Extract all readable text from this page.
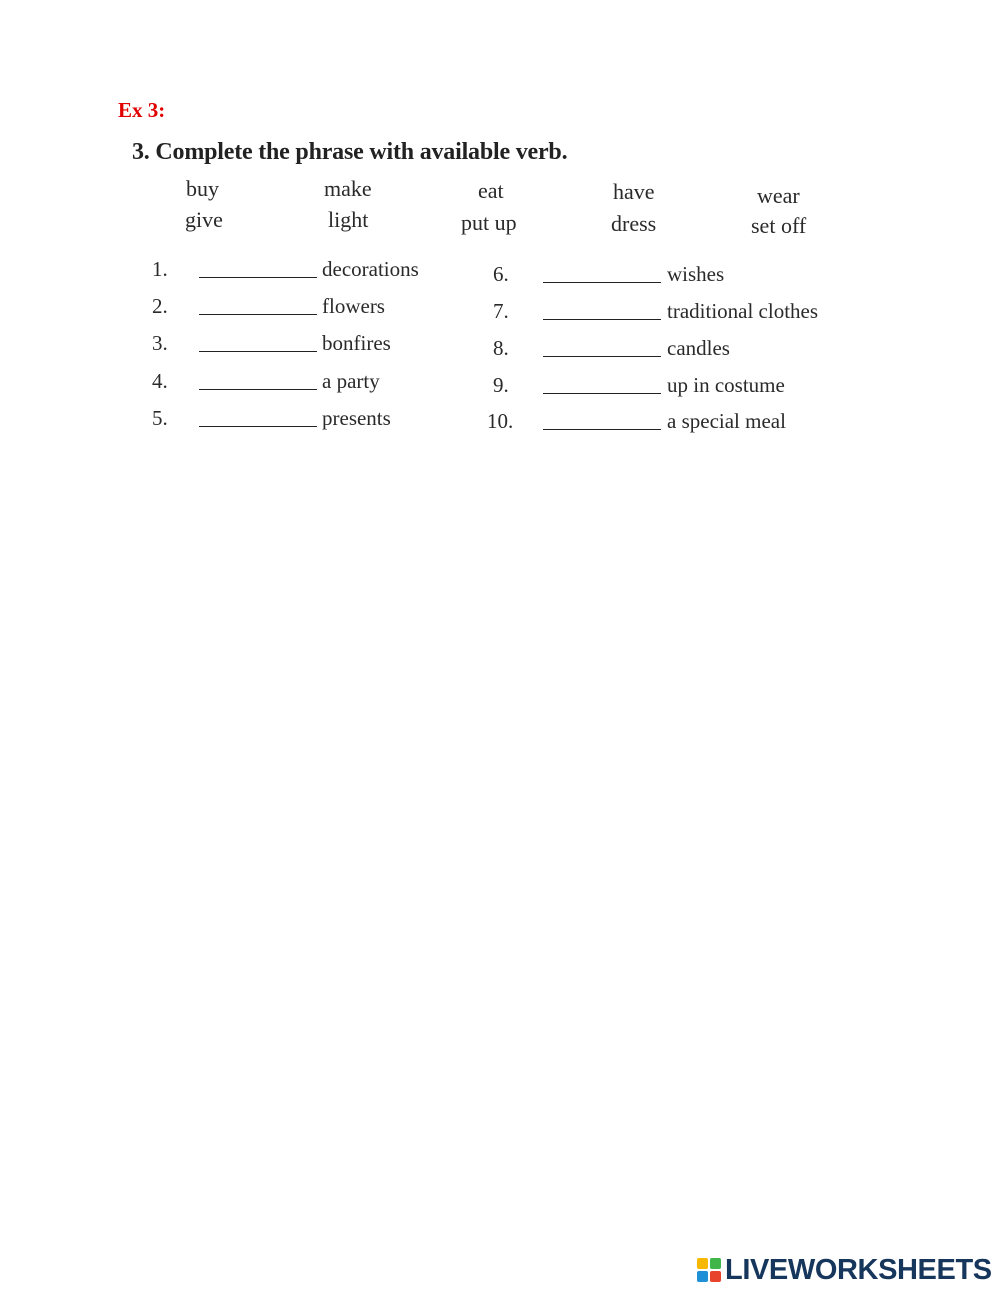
Ex 3:
3. Complete the phrase with available verb.
buy	make	eat	have	wear
give	light	put up	dress	set off
1.	decorations
2.	flowers
3.	bonfires
4.	a party
5.	presents
6.	wishes
7.	traditional clothes
8.	candles
9.	up in costume
10.	a special meal
LIVEWORKSHEETS
